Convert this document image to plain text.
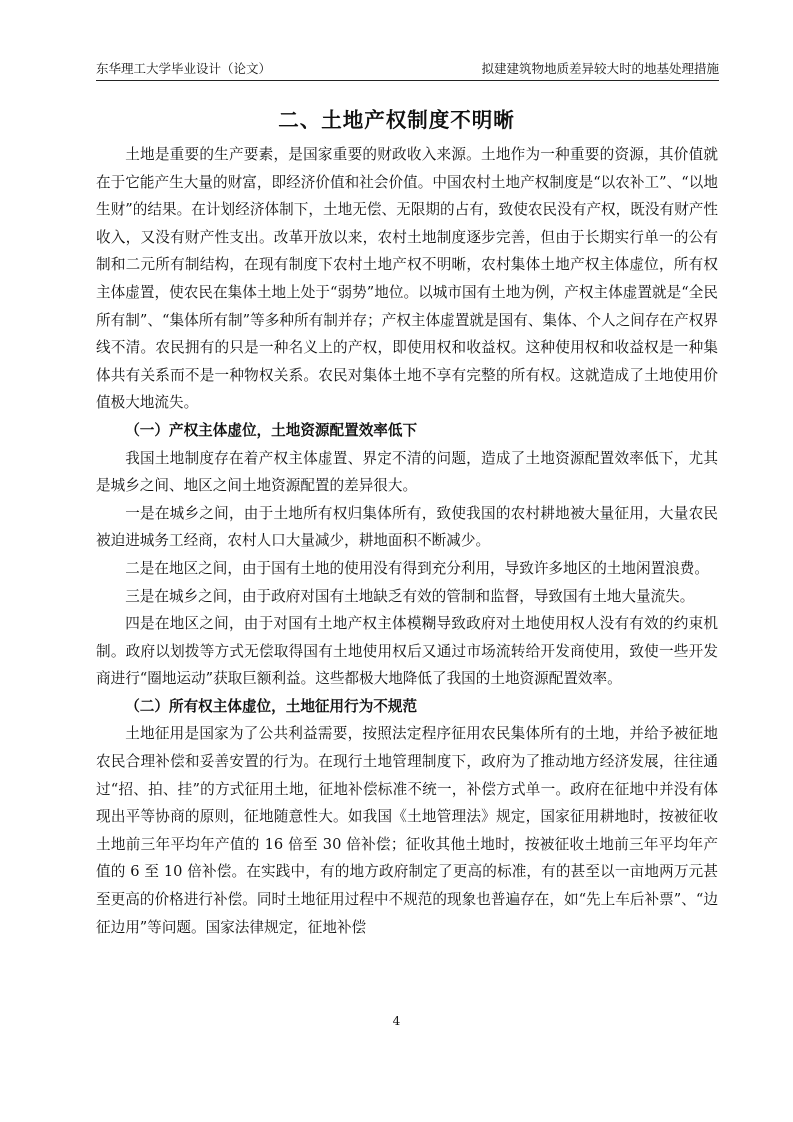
东华理工大学毕业设计（论文）	拟建建筑物地质差异较大时的地基处理措施
二、土地产权制度不明晰

土地是重要的生产要素，是国家重要的财政收入来源。土地作为一种重要的资源，其价值就在于它能产生大量的财富，即经济价值和社会价值。中国农村土地产权制度是“以农补工”、“以地生财”的结果。在计划经济体制下，土地无偿、无限期的占有，致使农民没有产权，既没有财产性收入，又没有财产性支出。改革开放以来，农村土地制度逐步完善，但由于长期实行单一的公有制和二元所有制结构，在现有制度下农村土地产权不明晰，农村集体土地产权主体虚位，所有权主体虚置，使农民在集体土地上处于“弱势”地位。以城市国有土地为例，产权主体虚置就是“全民所有制”、“集体所有制”等多种所有制并存；产权主体虚置就是国有、集体、个人之间存在产权界线不清。农民拥有的只是一种名义上的产权，即使用权和收益权。这种使用权和收益权是一种集体共有关系而不是一种物权关系。农民对集体土地不享有完整的所有权。这就造成了土地使用价值极大地流失。

（一）产权主体虚位，土地资源配置效率低下

我国土地制度存在着产权主体虚置、界定不清的问题，造成了土地资源配置效率低下，尤其是城乡之间、地区之间土地资源配置的差异很大。

一是在城乡之间，由于土地所有权归集体所有，致使我国的农村耕地被大量征用，大量农民被迫进城务工经商，农村人口大量减少，耕地面积不断减少。

二是在地区之间，由于国有土地的使用没有得到充分利用，导致许多地区的土地闲置浪费。

三是在城乡之间，由于政府对国有土地缺乏有效的管制和监督，导致国有土地大量流失。

四是在地区之间，由于对国有土地产权主体模糊导致政府对土地使用权人没有有效的约束机制。政府以划拨等方式无偿取得国有土地使用权后又通过市场流转给开发商使用，致使一些开发商进行“圈地运动”获取巨额利益。这些都极大地降低了我国的土地资源配置效率。

（二）所有权主体虚位，土地征用行为不规范

土地征用是国家为了公共利益需要，按照法定程序征用农民集体所有的土地，并给予被征地农民合理补偿和妥善安置的行为。在现行土地管理制度下，政府为了推动地方经济发展，往往通过“招、拍、挂”的方式征用土地，征地补偿标准不统一，补偿方式单一。政府在征地中并没有体现出平等协商的原则，征地随意性大。如我国《土地管理法》规定，国家征用耕地时，按被征收土地前三年平均年产值的 16 倍至 30 倍补偿；征收其他土地时，按被征收土地前三年平均年产值的 6 至 10 倍补偿。在实践中，有的地方政府制定了更高的标准，有的甚至以一亩地两万元甚至更高的价格进行补偿。同时土地征用过程中不规范的现象也普遍存在，如“先上车后补票”、“边征边用”等问题。国家法律规定，征地补偿

4
